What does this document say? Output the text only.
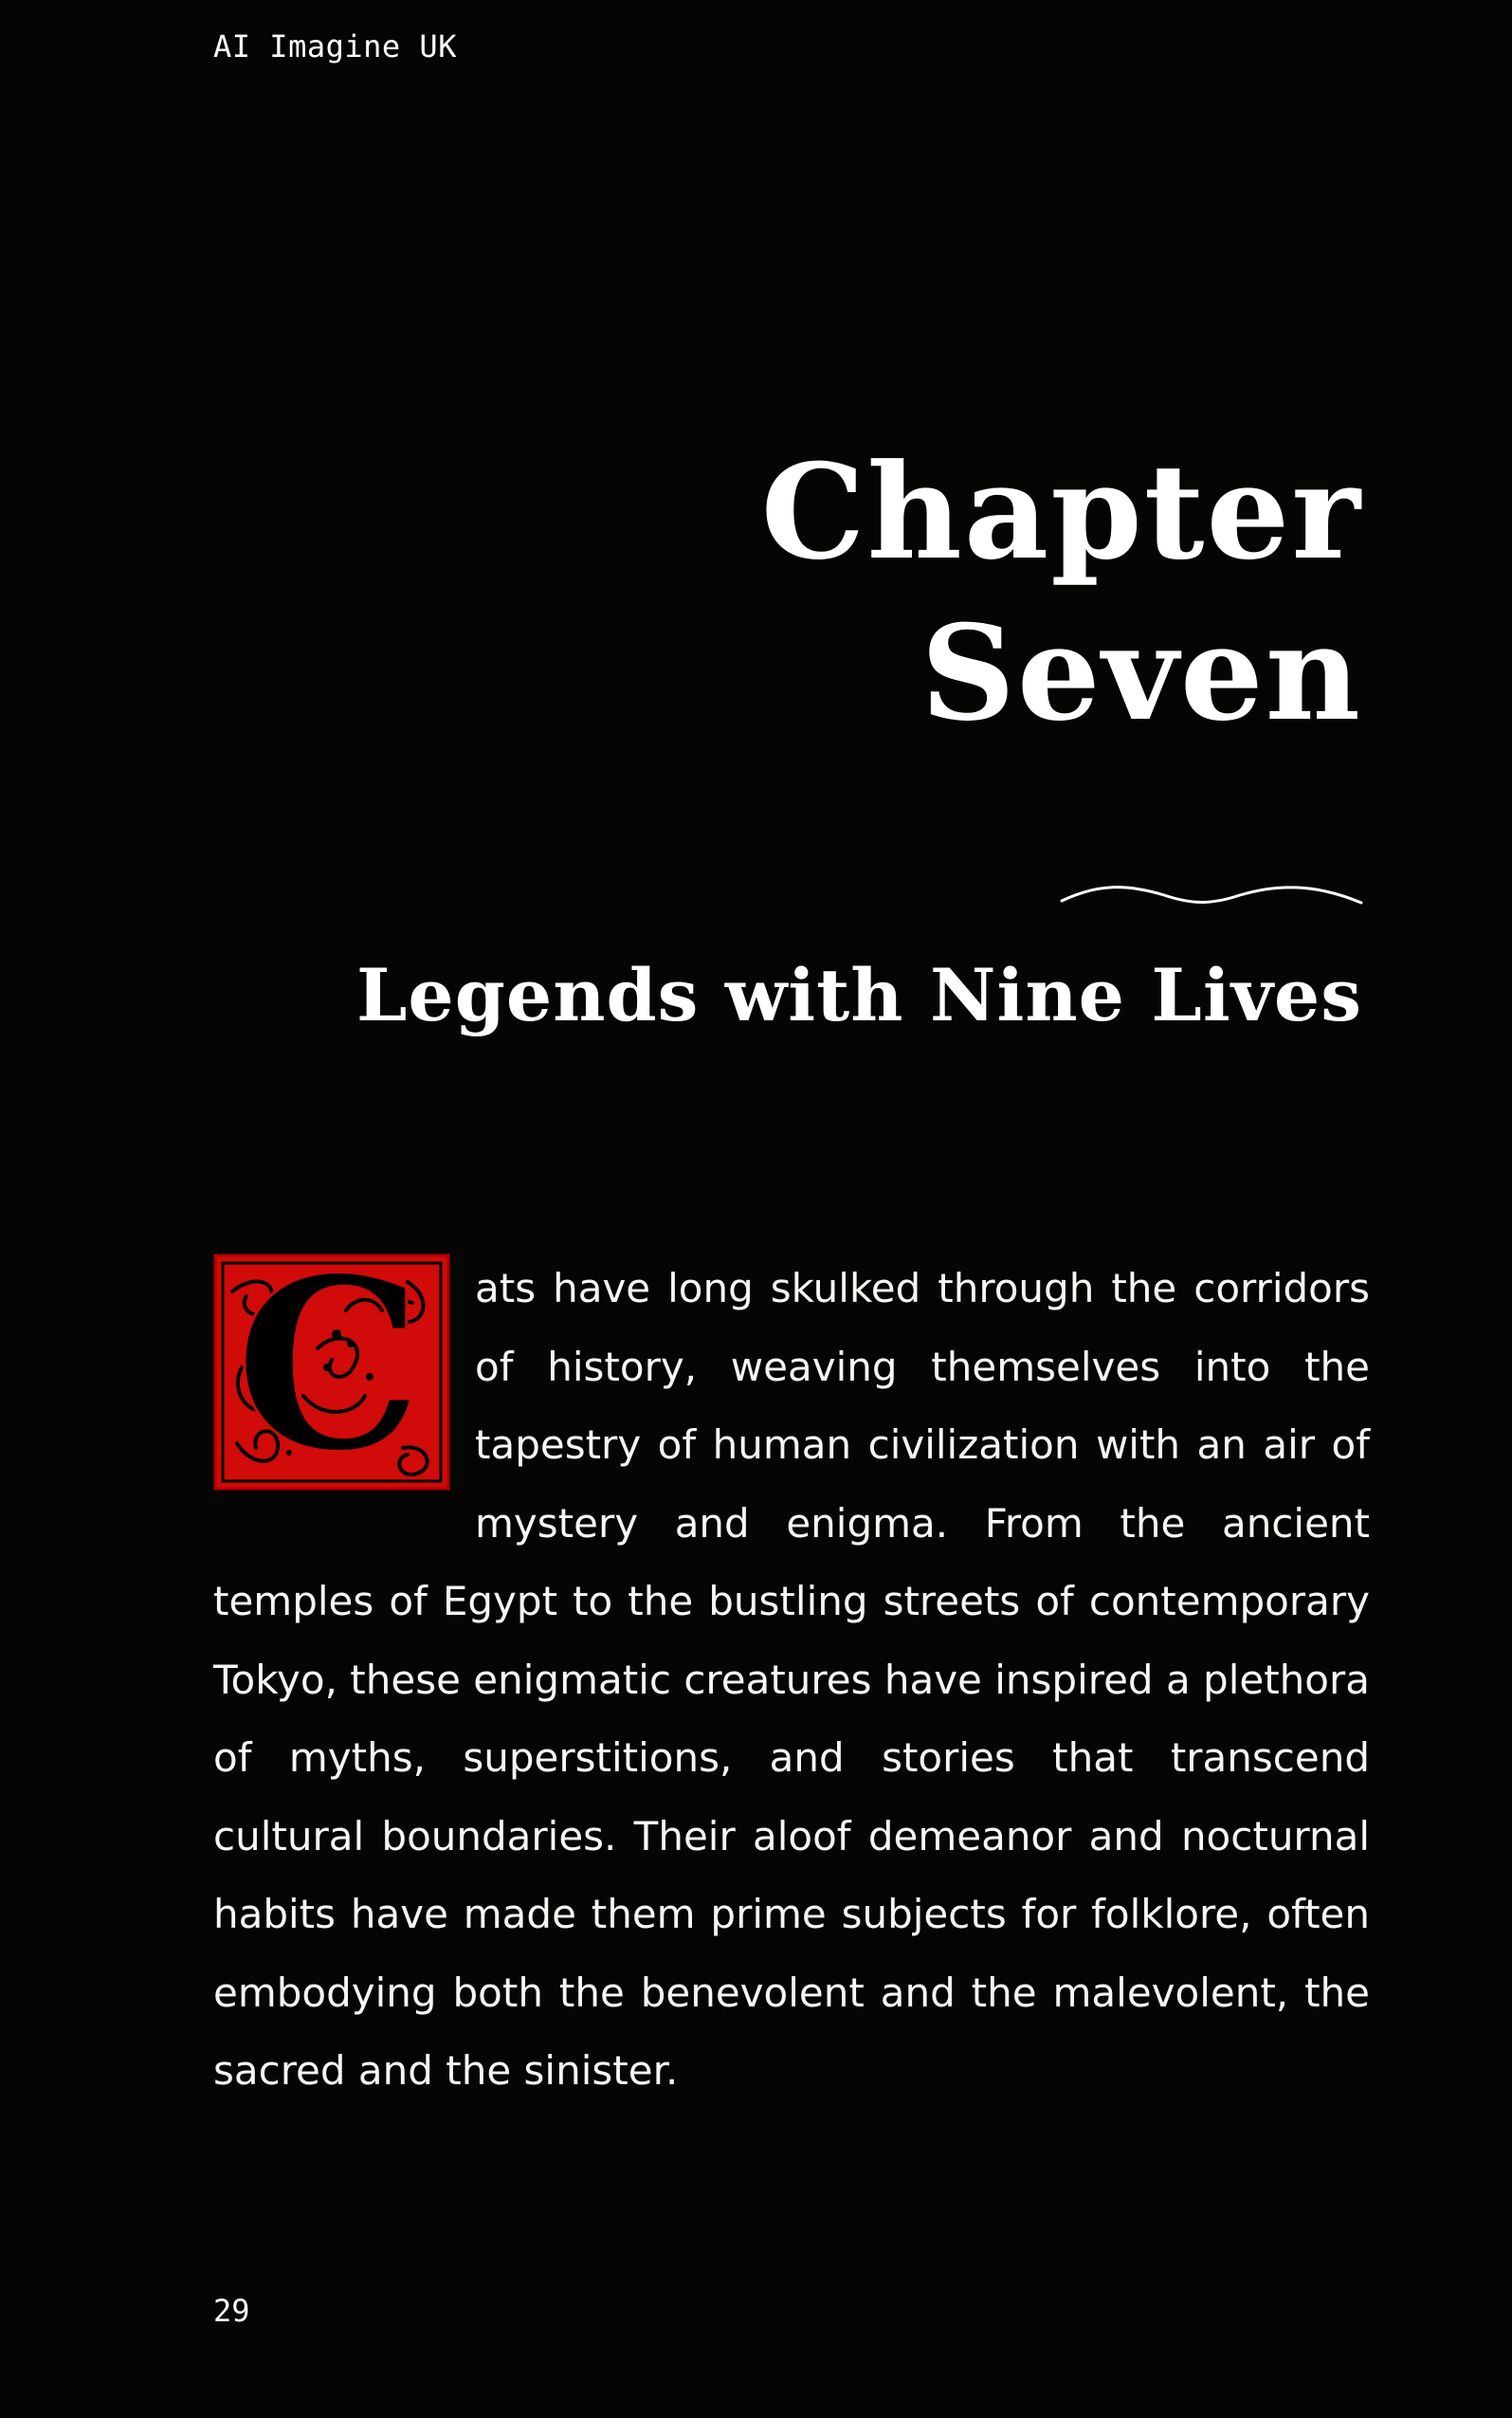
AI Imagine UK
Chapter
Seven
Legends with Nine Lives
C ats have long skulked through the corridors of history, weaving themselves into the tapestry of human civilization with an air of mystery and enigma. From the ancient temples of Egypt to the bustling streets of contemporary Tokyo, these enigmatic creatures have inspired a plethora of myths, superstitions, and stories that transcend cultural boundaries. Their aloof demeanor and nocturnal habits have made them prime subjects for folklore, often embodying both the benevolent and the malevolent, the sacred and the sinister.
29
